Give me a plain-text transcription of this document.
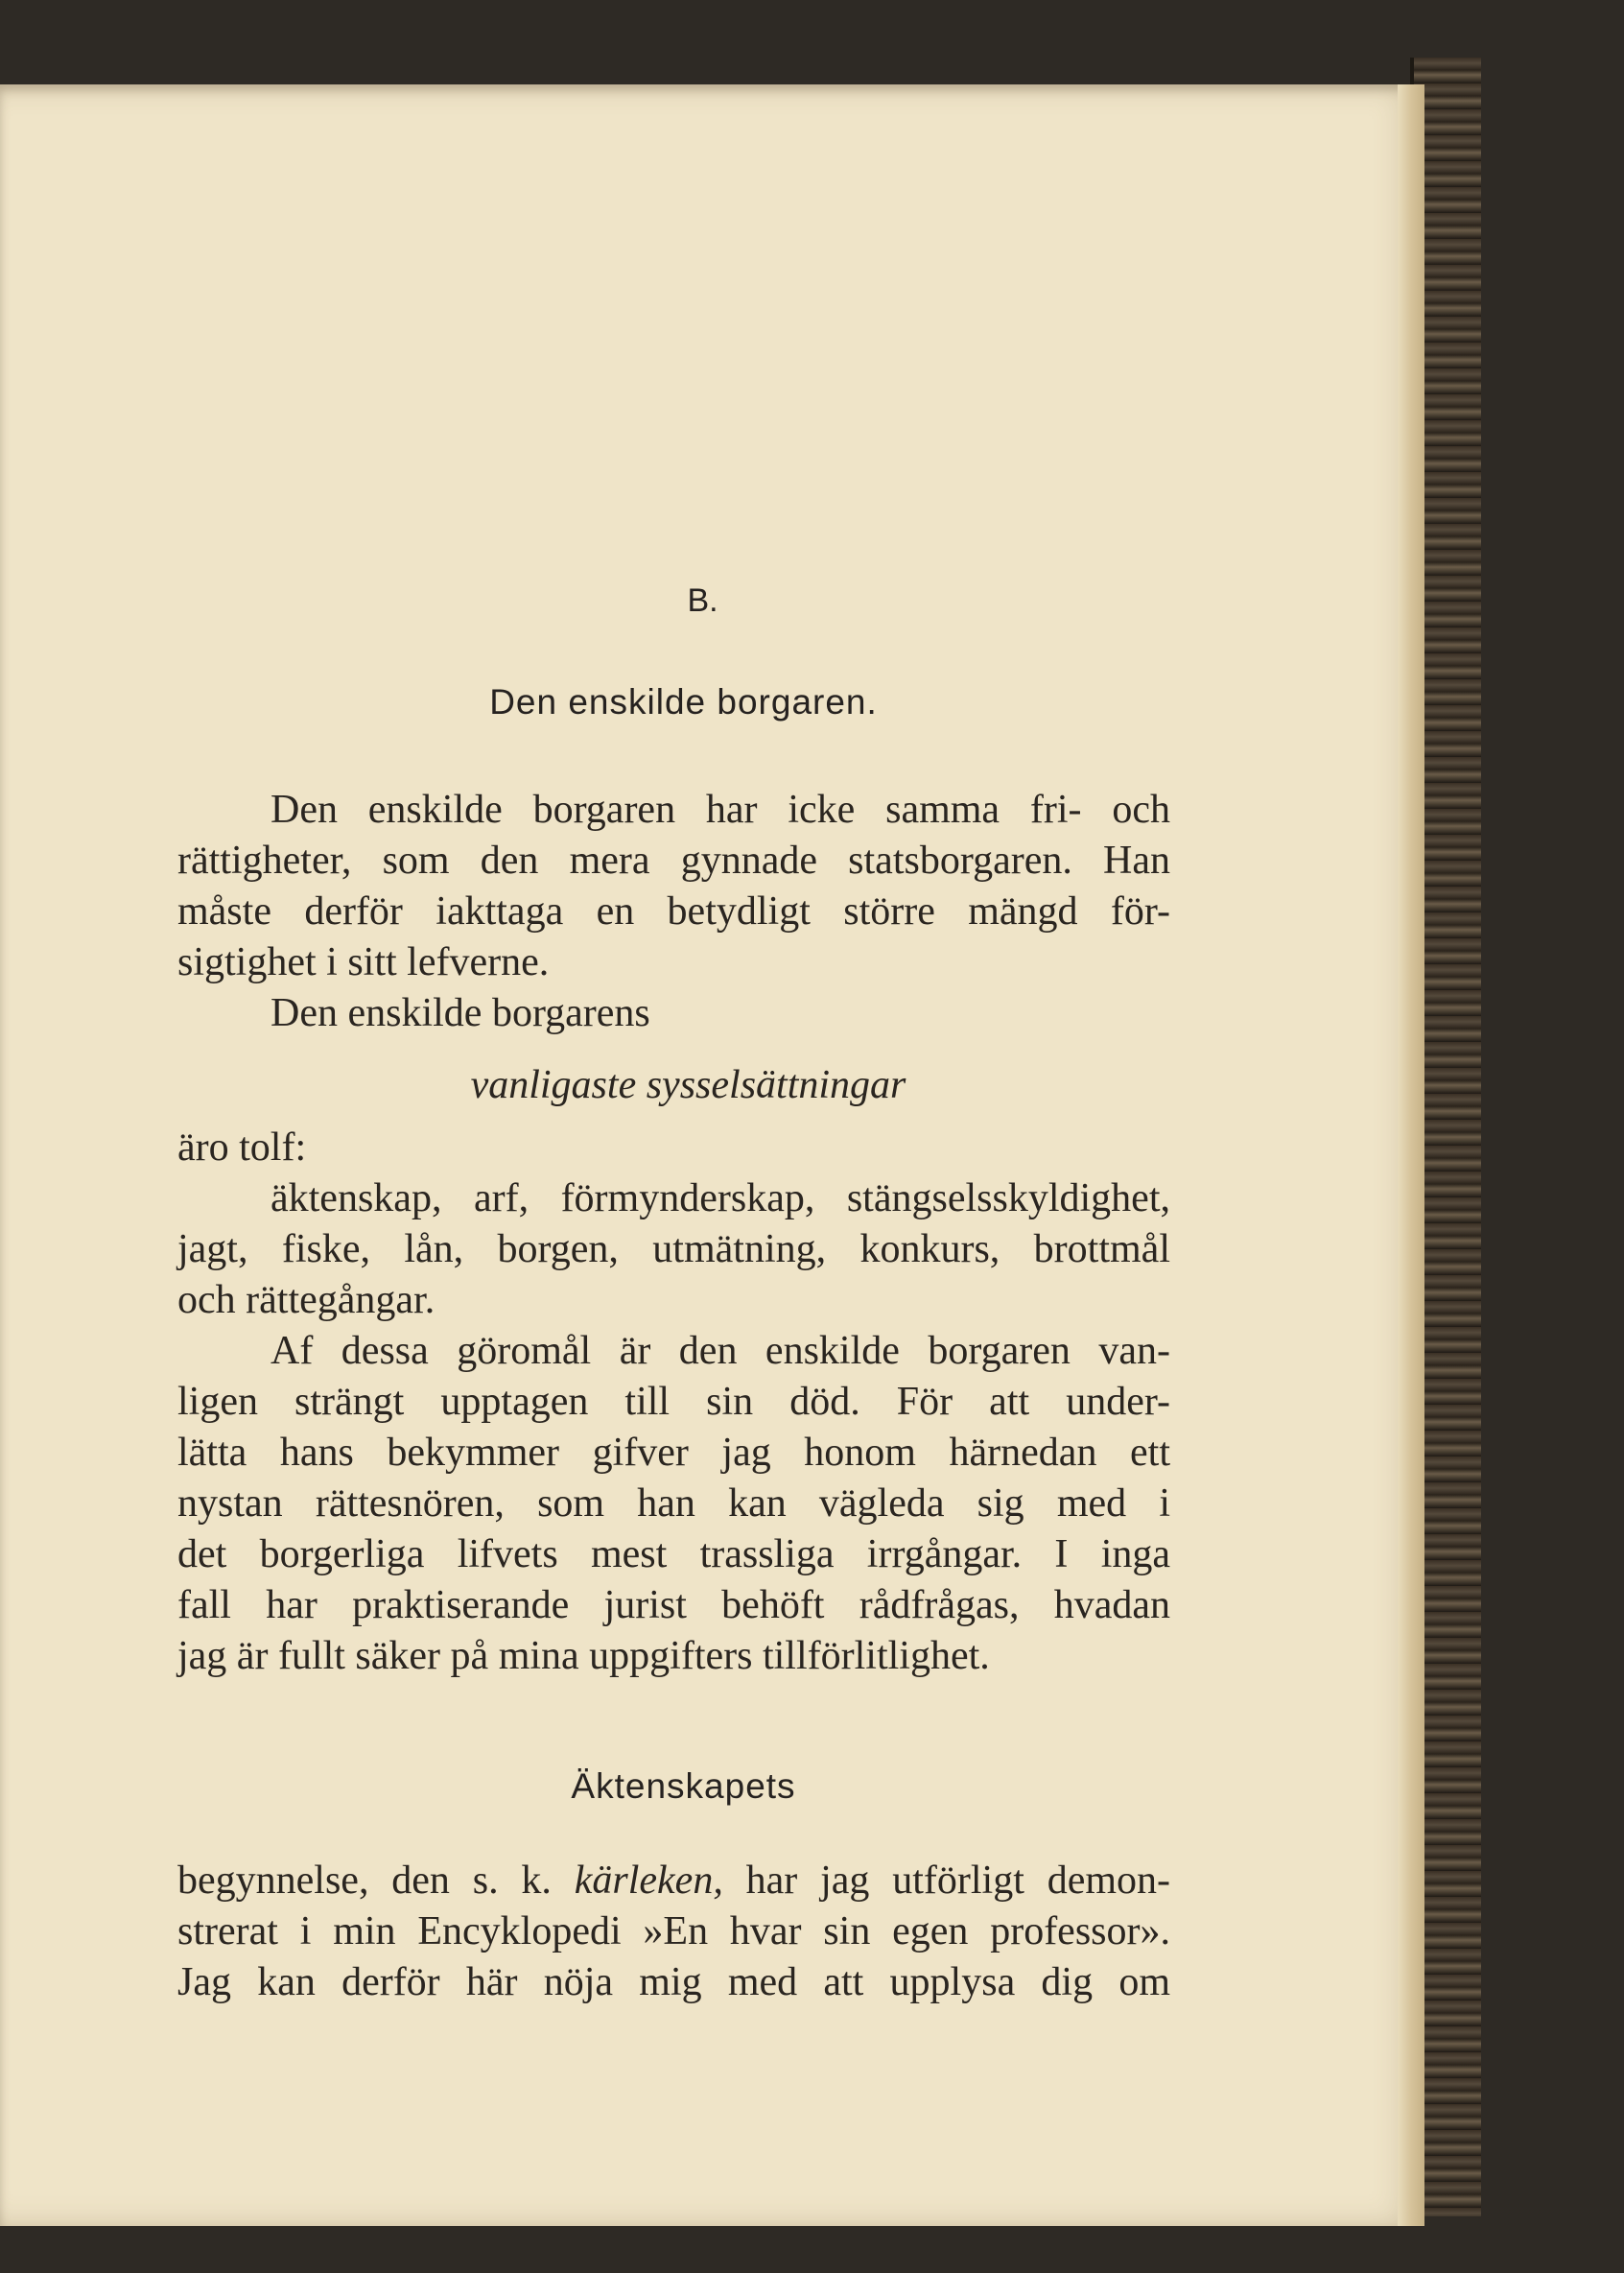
B.
Den enskilde borgaren.
Den enskilde borgaren har icke samma fri- och
rättigheter, som den mera gynnade statsborgaren. Han
måste derför iakttaga en betydligt större mängd för-
sigtighet i sitt lefverne.
Den enskilde borgarens
vanligaste sysselsättningar
äro tolf:
äktenskap, arf, förmynderskap, stängselsskyldighet,
jagt, fiske, lån, borgen, utmätning, konkurs, brottmål
och rättegångar.
Af dessa göromål är den enskilde borgaren van-
ligen strängt upptagen till sin död. För att under-
lätta hans bekymmer gifver jag honom härnedan ett
nystan rättesnören, som han kan vägleda sig med i
det borgerliga lifvets mest trassliga irrgångar. I inga
fall har praktiserande jurist behöft rådfrågas, hvadan
jag är fullt säker på mina uppgifters tillförlitlighet.
Äktenskapets
begynnelse, den s. k. kärleken, har jag utförligt demon-
strerat i min Encyklopedi »En hvar sin egen professor».
Jag kan derför här nöja mig med att upplysa dig om
